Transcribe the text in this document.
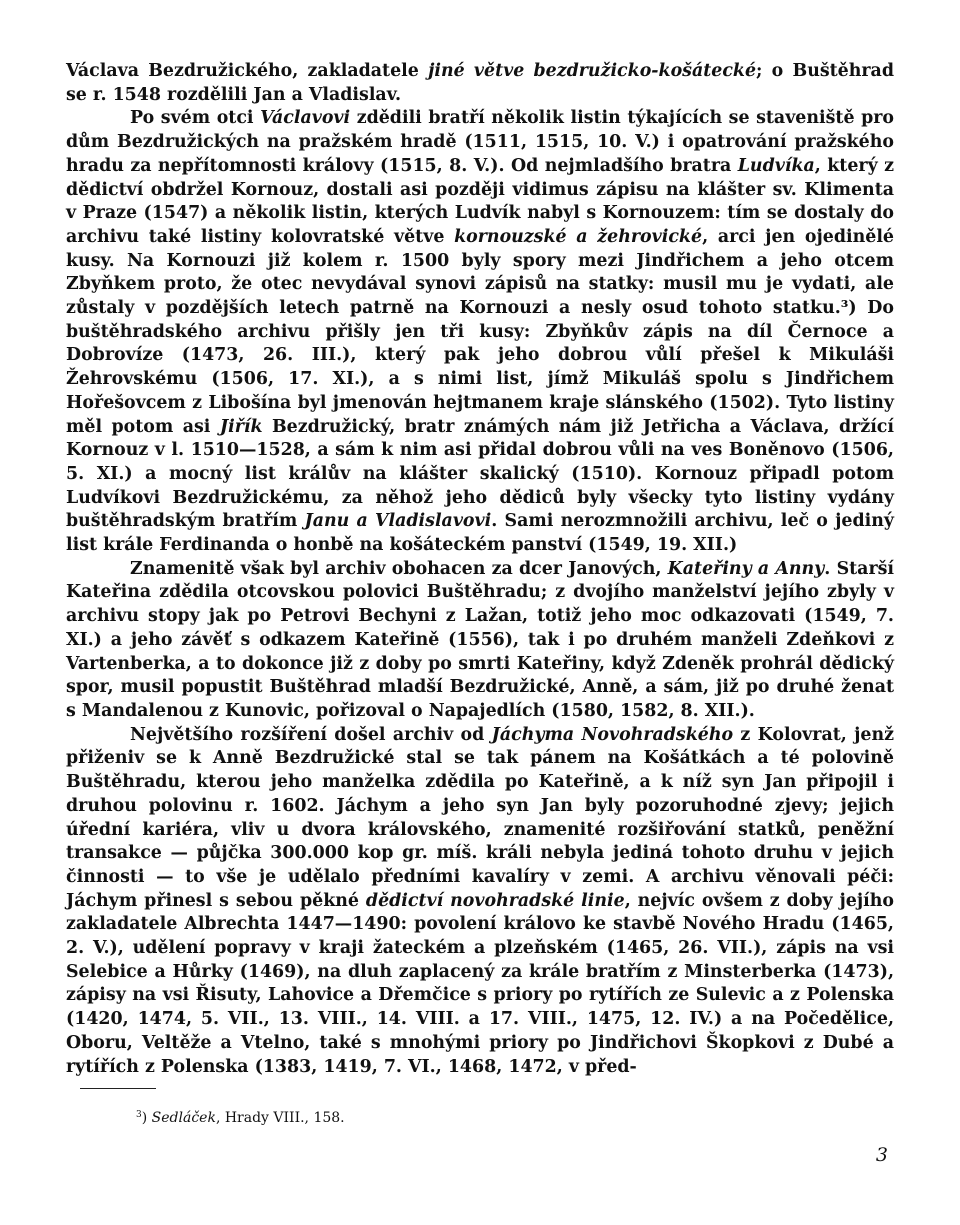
Václava Bezdružického, zakladatele jiné větve bezdružicko-košátecké; o Buštěhrad se r. 1548 rozdělili Jan a Vladislav.

Po svém otci Václavovi zdědili bratří několik listin týkajících se staveniště pro dům Bezdružických na pražském hradě (1511, 1515, 10. V.) i opatrování pražského hradu za nepřítomnosti královy (1515, 8. V.). Od nejmladšího bratra Ludvíka, který z dědictví obdržel Kornouz, dostali asi později vidimus zápisu na klášter sv. Klimenta v Praze (1547) a několik listin, kterých Ludvík nabyl s Kornouzem: tím se dostaly do archivu také listiny kolovratské větve kornouzské a žehrovické, arci jen ojedinělé kusy. Na Kornouzi již kolem r. 1500 byly spory mezi Jindřichem a jeho otcem Zbyňkem proto, že otec nevydával synovi zápisů na statky: musil mu je vydati, ale zůstaly v pozdějších letech patrně na Kornouzi a nesly osud tohoto statku.³) Do buštěhradského archivu přišly jen tři kusy: Zbyňkův zápis na díl Černoce a Dobrovíze (1473, 26. III.), který pak jeho dobrou vůlí přešel k Mikuláši Žehrovskému (1506, 17. XI.), a s nimi list, jímž Mikuláš spolu s Jindřichem Hořešovcem z Libošína byl jmenován hejtmanem kraje slánského (1502). Tyto listiny měl potom asi Jiřík Bezdružický, bratr známých nám již Jetřicha a Václava, držící Kornouz v l. 1510—1528, a sám k nim asi přidal dobrou vůli na ves Boněnovo (1506, 5. XI.) a mocný list králův na klášter skalický (1510). Kornouz připadl potom Ludvíkovi Bezdružickému, za něhož jeho dědiců byly všecky tyto listiny vydány buštěhradským bratřím Janu a Vladislavovi. Sami nerozmnožili archivu, leč o jediný list krále Ferdinanda o honbě na košáteckém panství (1549, 19. XII.)

Znamenitě však byl archiv obohacen za dcer Janových, Kateřiny a Anny. Starší Kateřina zdědila otcovskou polovici Buštěhradu; z dvojího manželství jejího zbyly v archivu stopy jak po Petrovi Bechyni z Lažan, totiž jeho moc odkazovati (1549, 7. XI.) a jeho závěť s odkazem Kateřině (1556), tak i po druhém manželi Zdeňkovi z Vartenberka, a to dokonce již z doby po smrti Kateřiny, když Zdeněk prohrál dědický spor, musil popustit Buštěhrad mladší Bezdružické, Anně, a sám, již po druhé ženat s Mandalenou z Kunovic, pořizoval o Napajedlích (1580, 1582, 8. XII.).

Největšího rozšíření došel archiv od Jáchyma Novohradského z Kolovrat, jenž přiženiv se k Anně Bezdružické stal se tak pánem na Košátkách a té polovině Buštěhradu, kterou jeho manželka zdědila po Kateřině, a k níž syn Jan připojil i druhou polovinu r. 1602. Jáchym a jeho syn Jan byly pozoruhodné zjevy; jejich úřední kariéra, vliv u dvora královského, znamenité rozšiřování statků, peněžní transakce — půjčka 300.000 kop gr. míš. králi nebyla jediná tohoto druhu v jejich činnosti — to vše je udělalo předními kavalíry v zemi. A archivu věnovali péči: Jáchym přinesl s sebou pěkné dědictví novohradské linie, nejvíc ovšem z doby jejího zakladatele Albrechta 1447—1490: povolení královo ke stavbě Nového Hradu (1465, 2. V.), udělení popravy v kraji žateckém a plzeňském (1465, 26. VII.), zápis na vsi Selebice a Hůrky (1469), na dluh zaplacený za krále bratřím z Minsterberka (1473), zápisy na vsi Řisuty, Lahovice a Dřemčice s priory po rytířích ze Sulevic a z Polenska (1420, 1474, 5. VII., 13. VIII., 14. VIII. a 17. VIII., 1475, 12. IV.) a na Počedělice, Oboru, Veltěže a Vtelno, také s mnohými priory po Jindřichovi Škopkovi z Dubé a rytířích z Polenska (1383, 1419, 7. VI., 1468, 1472, v před-

$^3$) Sedláček, Hrady VIII., 158.
3
